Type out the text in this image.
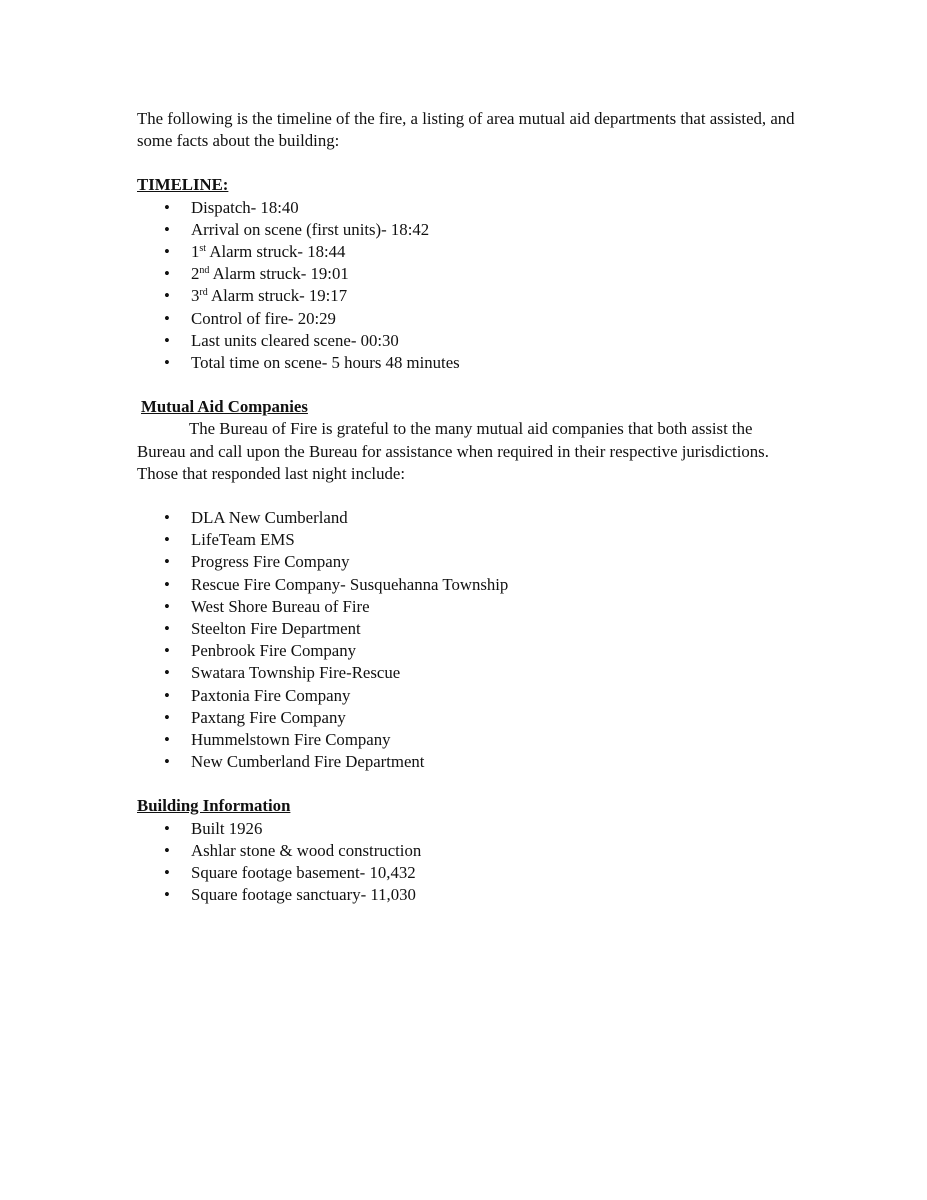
The following is the timeline of the fire, a listing of area mutual aid departments that assisted, and some facts about the building:

TIMELINE:
• Dispatch- 18:40
• Arrival on scene (first units)- 18:42
• 1st Alarm struck- 18:44
• 2nd Alarm struck- 19:01
• 3rd Alarm struck- 19:17
• Control of fire- 20:29
• Last units cleared scene- 00:30
• Total time on scene- 5 hours 48 minutes
Mutual Aid Companies

The Bureau of Fire is grateful to the many mutual aid companies that both assist the Bureau and call upon the Bureau for assistance when required in their respective jurisdictions. Those that responded last night include:

• DLA New Cumberland
• LifeTeam EMS
• Progress Fire Company
• Rescue Fire Company- Susquehanna Township
• West Shore Bureau of Fire
• Steelton Fire Department
• Penbrook Fire Company
• Swatara Township Fire-Rescue
• Paxtonia Fire Company
• Paxtang Fire Company
• Hummelstown Fire Company
• New Cumberland Fire Department
Building Information
• Built 1926
• Ashlar stone & wood construction
• Square footage basement- 10,432
• Square footage sanctuary- 11,030
